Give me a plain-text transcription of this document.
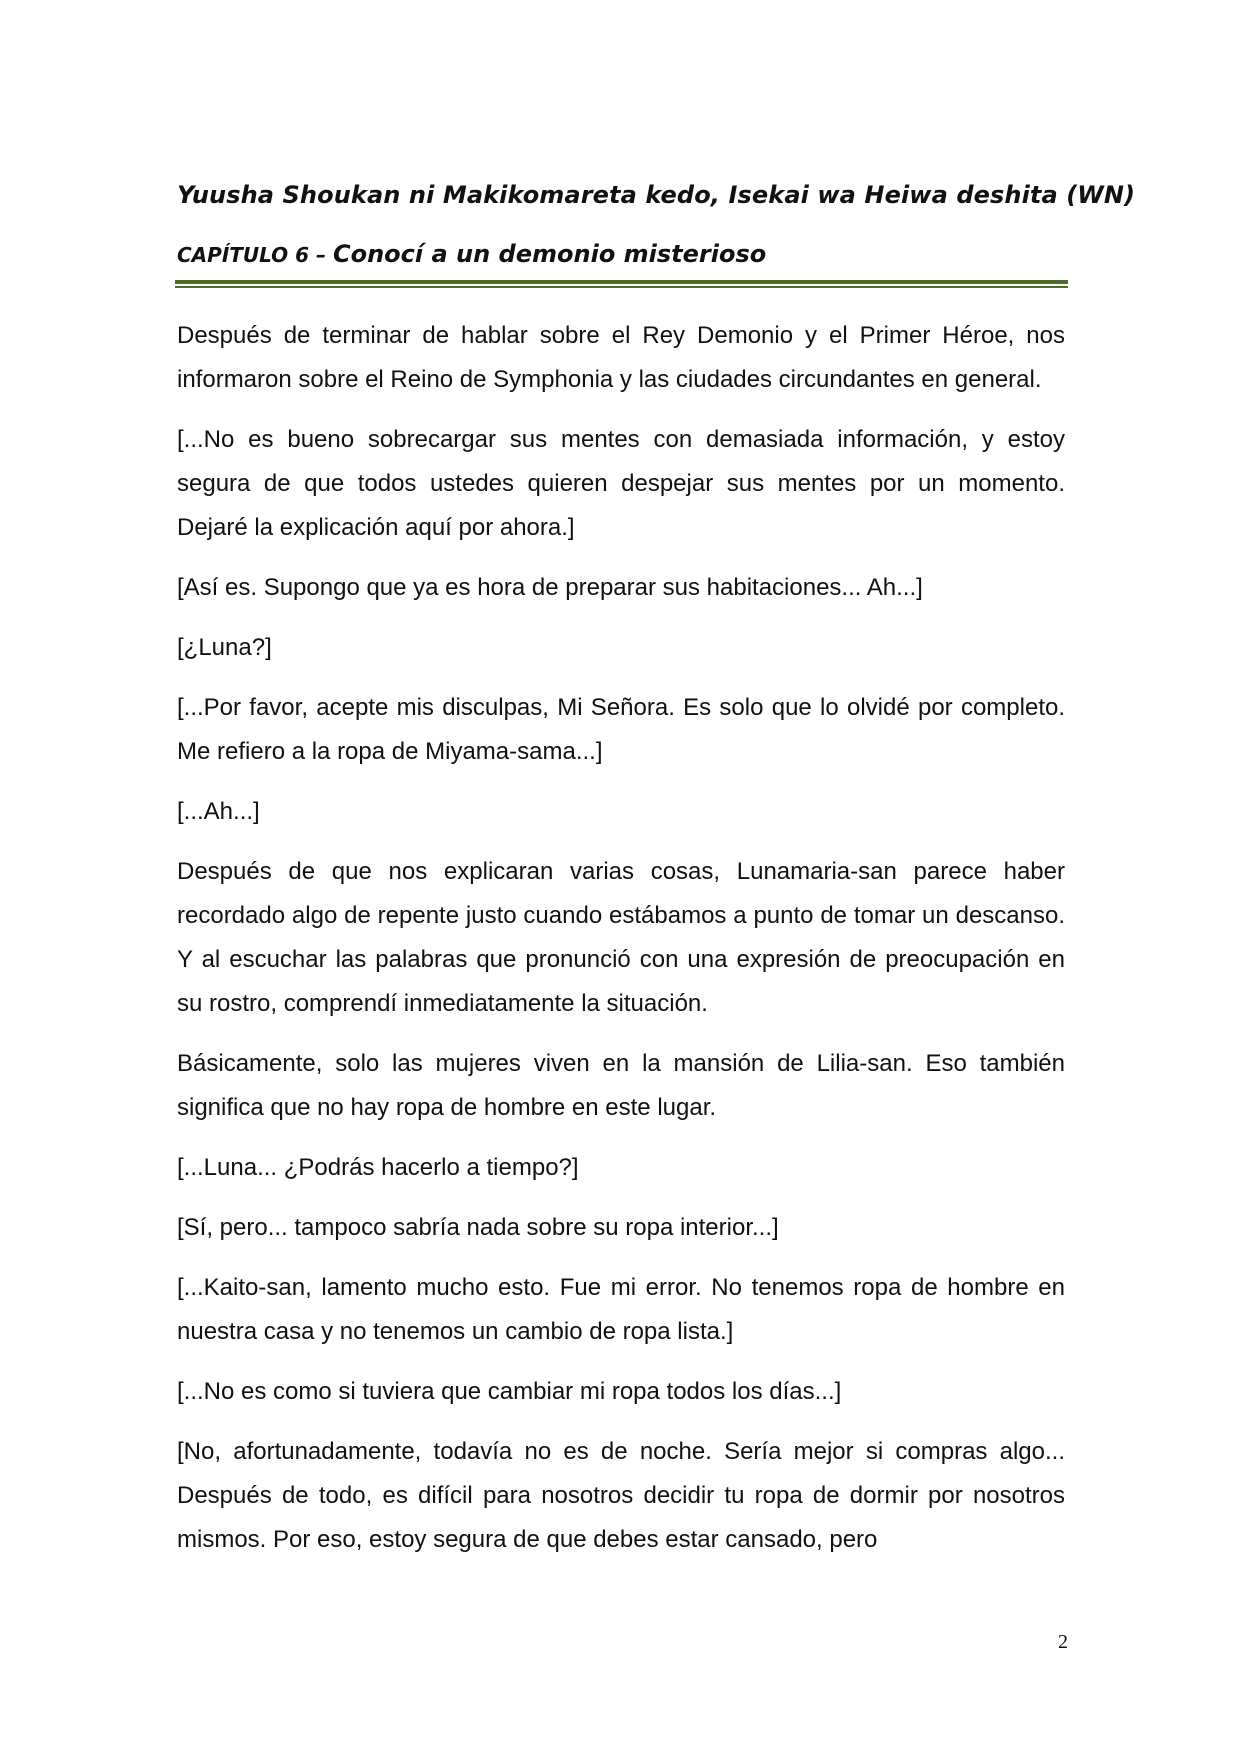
Yuusha Shoukan ni Makikomareta kedo, Isekai wa Heiwa deshita (WN)
CAPÍTULO 6 – Conocí a un demonio misterioso

Después de terminar de hablar sobre el Rey Demonio y el Primer Héroe, nos informaron sobre el Reino de Symphonia y las ciudades circundantes en general.

[...No es bueno sobrecargar sus mentes con demasiada información, y estoy segura de que todos ustedes quieren despejar sus mentes por un momento. Dejaré la explicación aquí por ahora.]

[Así es. Supongo que ya es hora de preparar sus habitaciones... Ah...]

[¿Luna?]

[...Por favor, acepte mis disculpas, Mi Señora. Es solo que lo olvidé por completo. Me refiero a la ropa de Miyama-sama...]

[...Ah...]

Después de que nos explicaran varias cosas, Lunamaria-san parece haber recordado algo de repente justo cuando estábamos a punto de tomar un descanso. Y al escuchar las palabras que pronunció con una expresión de preocupación en su rostro, comprendí inmediatamente la situación.

Básicamente, solo las mujeres viven en la mansión de Lilia-san. Eso también significa que no hay ropa de hombre en este lugar.

[...Luna... ¿Podrás hacerlo a tiempo?]

[Sí, pero... tampoco sabría nada sobre su ropa interior...]

[...Kaito-san, lamento mucho esto. Fue mi error. No tenemos ropa de hombre en nuestra casa y no tenemos un cambio de ropa lista.]

[...No es como si tuviera que cambiar mi ropa todos los días...]

[No, afortunadamente, todavía no es de noche. Sería mejor si compras algo... Después de todo, es difícil para nosotros decidir tu ropa de dormir por nosotros mismos. Por eso, estoy segura de que debes estar cansado, pero

2
